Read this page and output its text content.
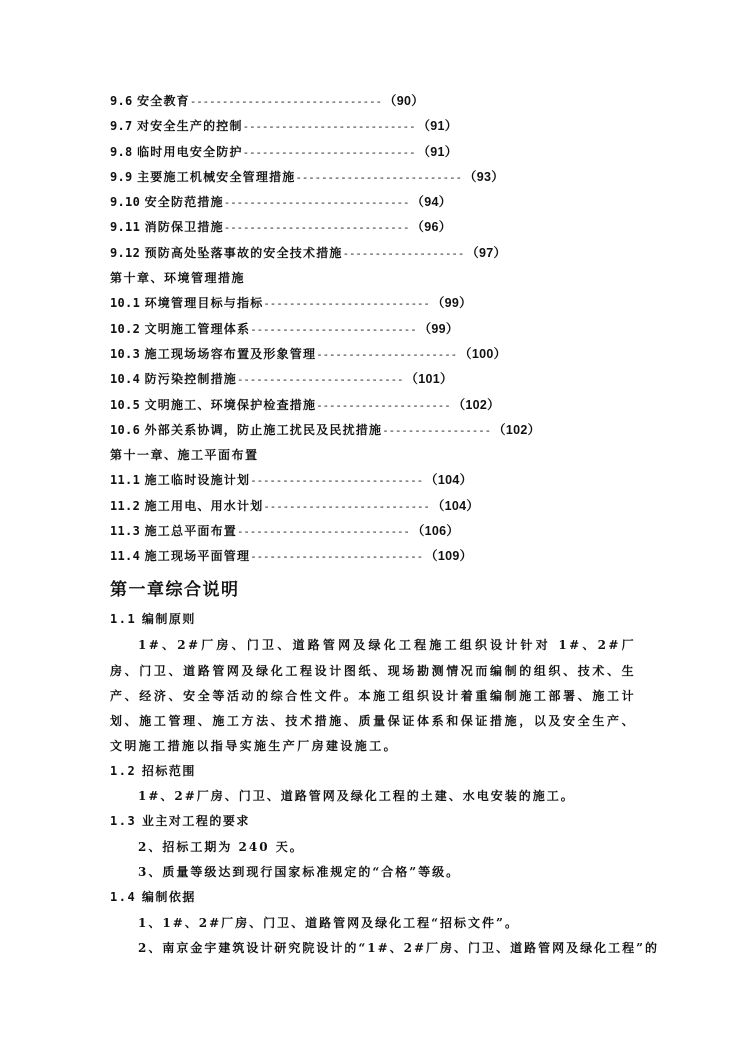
9.6 安全教育------------------------------ （90）
9.7 对安全生产的控制--------------------------- （91）
9.8 临时用电安全防护--------------------------- （91）
9.9 主要施工机械安全管理措施-------------------------- （93）
9.10 安全防范措施----------------------------- （94）
9.11 消防保卫措施----------------------------- （96）
9.12 预防高处坠落事故的安全技术措施------------------- （97）
第十章、环境管理措施
10.1 环境管理目标与指标-------------------------- （99）
10.2 文明施工管理体系-------------------------- （99）
10.3 施工现场场容布置及形象管理---------------------- （100）
10.4 防污染控制措施-------------------------- （101）
10.5 文明施工、环境保护检查措施--------------------- （102）
10.6 外部关系协调，防止施工扰民及民扰措施----------------- （102）
第十一章、施工平面布置
11.1 施工临时设施计划--------------------------- （104）
11.2 施工用电、用水计划-------------------------- （104）
11.3 施工总平面布置--------------------------- （106）
11.4 施工现场平面管理--------------------------- （109）
第一章综合说明
1.1 编制原则

1#、2#厂房、门卫、道路管网及绿化工程施工组织设计针对 1#、2#厂房、门卫、道路管网及绿化工程设计图纸、现场勘测情况而编制的组织、技术、生产、经济、安全等活动的综合性文件。本施工组织设计着重编制施工部署、施工计划、施工管理、施工方法、技术措施、质量保证体系和保证措施，以及安全生产、文明施工措施以指导实施生产厂房建设施工。

1.2 招标范围
1#、2#厂房、门卫、道路管网及绿化工程的土建、水电安装的施工。
1.3 业主对工程的要求
2、招标工期为 240 天。
3、质量等级达到现行国家标准规定的“合格”等级。
1.4 编制依据
1、1#、2#厂房、门卫、道路管网及绿化工程“招标文件”。
2、南京金宇建筑设计研究院设计的“1#、2#厂房、门卫、道路管网及绿化工程”的
